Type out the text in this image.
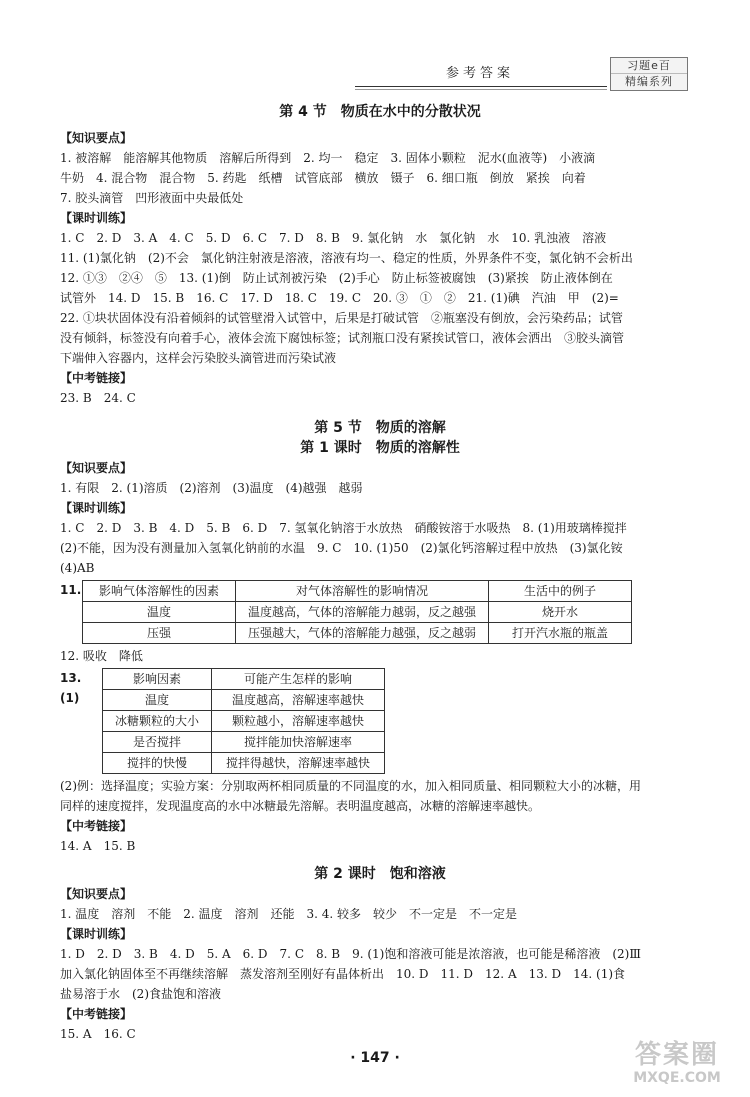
参考答案
习题e百
精编系列

第 4 节　物质在水中的分散状况

【知识要点】

1. 被溶解　能溶解其他物质　溶解后所得到　2. 均一　稳定　3. 固体小颗粒　泥水(血液等)　小液滴

牛奶　4. 混合物　混合物　5. 药匙　纸槽　试管底部　横放　镊子　6. 细口瓶　倒放　紧挨　向着

7. 胶头滴管　凹形液面中央最低处

【课时训练】

1. C　2. D　3. A　4. C　5. D　6. C　7. D　8. B　9. 氯化钠　水　氯化钠　水　10. 乳浊液　溶液

11. (1)氯化钠　(2)不会　氯化钠注射液是溶液，溶液有均一、稳定的性质，外界条件不变，氯化钠不会析出

12. ①③　②④　⑤　13. (1)倒　防止试剂被污染　(2)手心　防止标签被腐蚀　(3)紧挨　防止液体倒在

试管外　14. D　15. B　16. C　17. D　18. C　19. C　20. ③　①　②　21. (1)碘　汽油　甲　(2)=

22. ①块状固体没有沿着倾斜的试管壁滑入试管中，后果是打破试管　②瓶塞没有倒放，会污染药品；试管

没有倾斜，标签没有向着手心，液体会流下腐蚀标签；试剂瓶口没有紧挨试管口，液体会洒出　③胶头滴管

下端伸入容器内，这样会污染胶头滴管进而污染试液

【中考链接】

23. B　24. C

第 5 节　物质的溶解

第 1 课时　物质的溶解性

【知识要点】

1. 有限　2. (1)溶质　(2)溶剂　(3)温度　(4)越强　越弱

【课时训练】

1. C　2. D　3. B　4. D　5. B　6. D　7. 氢氧化钠溶于水放热　硝酸铵溶于水吸热　8. (1)用玻璃棒搅拌

(2)不能，因为没有测量加入氢氧化钠前的水温　9. C　10. (1)50　(2)氯化钙溶解过程中放热　(3)氯化铵

(4)AB

11. 影响气体溶解性的因素	对气体溶解性的影响情况	生活中的例子
温度	温度越高，气体的溶解能力越弱，反之越强	烧开水
压强	压强越大，气体的溶解能力越强，反之越弱	打开汽水瓶的瓶盖

12. 吸收　降低

13. (1)
影响因素	可能产生怎样的影响
温度	温度越高，溶解速率越快
冰糖颗粒的大小	颗粒越小，溶解速率越快
是否搅拌	搅拌能加快溶解速率
搅拌的快慢	搅拌得越快，溶解速率越快

(2)例：选择温度；实验方案：分别取两杯相同质量的不同温度的水，加入相同质量、相同颗粒大小的冰糖，用

同样的速度搅拌，发现温度高的水中冰糖最先溶解。表明温度越高，冰糖的溶解速率越快。

【中考链接】

14. A　15. B

第 2 课时　饱和溶液

【知识要点】

1. 温度　溶剂　不能　2. 温度　溶剂　还能　3. 4. 较多　较少　不一定是　不一定是

【课时训练】

1. D　2. D　3. B　4. D　5. A　6. D　7. C　8. B　9. (1)饱和溶液可能是浓溶液，也可能是稀溶液　(2)Ⅲ

加入氯化钠固体至不再继续溶解　蒸发溶剂至刚好有晶体析出　10. D　11. D　12. A　13. D　14. (1)食

盐易溶于水　(2)食盐饱和溶液

【中考链接】

15. A　16. C

· 147 ·	答案圈
MXQE.COM
